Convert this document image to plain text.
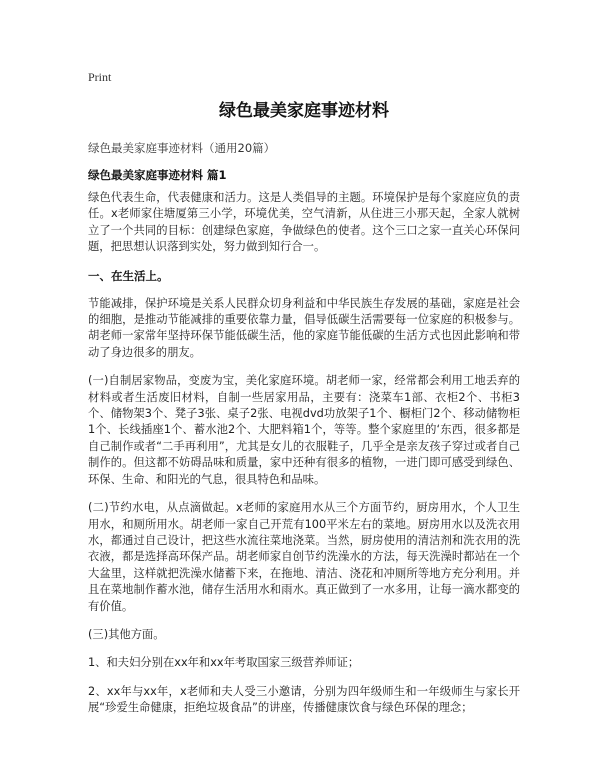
Print
绿色最美家庭事迹材料
绿色最美家庭事迹材料（通用20篇）
绿色最美家庭事迹材料 篇1

绿色代表生命，代表健康和活力。这是人类倡导的主题。环境保护是每个家庭应负的责任。x老师家住塘厦第三小学，环境优美，空气清新，从住进三小那天起，全家人就树立了一个共同的目标：创建绿色家庭，争做绿色的使者。这个三口之家一直关心环保问题，把思想认识落到实处，努力做到知行合一。

一、在生活上。

节能减排，保护环境是关系人民群众切身利益和中华民族生存发展的基础，家庭是社会的细胞，是推动节能减排的重要依靠力量，倡导低碳生活需要每一位家庭的积极参与。胡老师一家常年坚持环保节能低碳生活，他的家庭节能低碳的生活方式也因此影响和带动了身边很多的朋友。

(一)自制居家物品，变废为宝，美化家庭环境。胡老师一家，经常都会利用工地丢弃的材料或者生活废旧材料，自制一些居家用品，主要有：浇菜车1部、衣柜2个、书柜3个、储物架3个、凳子3张、桌子2张、电视dvd功放架子1个、橱柜门2个、移动储物柜1个、长线插座1个、蓄水池2个、大肥料箱1个，等等。整个家庭里的‘东西，很多都是自己制作或者“二手再利用”，尤其是女儿的衣服鞋子，几乎全是亲友孩子穿过或者自己制作的。但这都不妨碍品味和质量，家中还种有很多的植物，一进门即可感受到绿色、环保、生命、和阳光的气息，很具特色和品味。

(二)节约水电，从点滴做起。x老师的家庭用水从三个方面节约，厨房用水，个人卫生用水，和厕所用水。胡老师一家自己开荒有100平米左右的菜地。厨房用水以及洗衣用水，都通过自己设计，把这些水流往菜地浇菜。当然，厨房使用的清洁剂和洗衣用的洗衣液，都是选择高环保产品。胡老师家自创节约洗澡水的方法，每天洗澡时都站在一个大盆里，这样就把洗澡水储蓄下来，在拖地、清洁、浇花和冲厕所等地方充分利用。并且在菜地制作蓄水池，储存生活用水和雨水。真正做到了一水多用，让每一滴水都变的有价值。

(三)其他方面。

1、和夫妇分别在xx年和xx年考取国家三级营养师证；

2、xx年与xx年，x老师和夫人受三小邀请，分别为四年级师生和一年级师生与家长开展“珍爱生命健康，拒绝垃圾食品”的讲座，传播健康饮食与绿色环保的理念；
